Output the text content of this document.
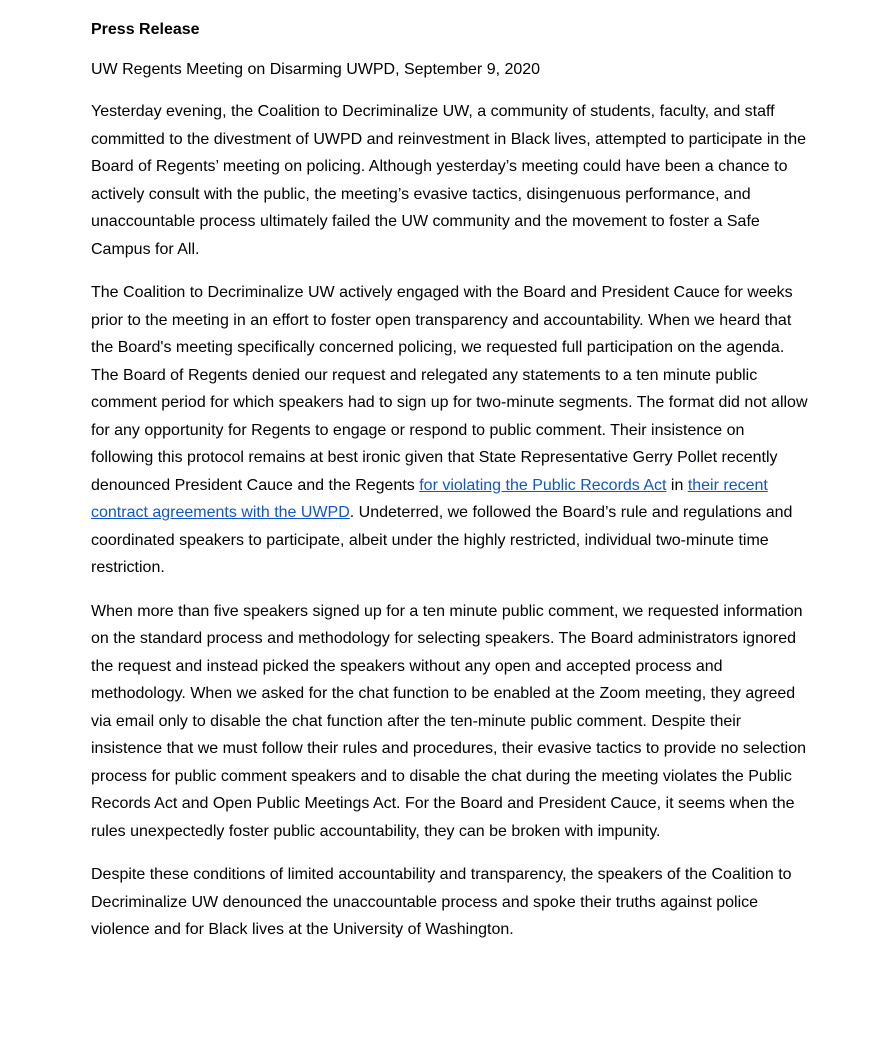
Press Release
UW Regents Meeting on Disarming UWPD, September 9, 2020

Yesterday evening, the Coalition to Decriminalize UW, a community of students, faculty, and staff committed to the divestment of UWPD and reinvestment in Black lives, attempted to participate in the Board of Regents’ meeting on policing. Although yesterday’s meeting could have been a chance to actively consult with the public, the meeting’s evasive tactics, disingenuous performance, and unaccountable process ultimately failed the UW community and the movement to foster a Safe Campus for All.

The Coalition to Decriminalize UW actively engaged with the Board and President Cauce for weeks prior to the meeting in an effort to foster open transparency and accountability. When we heard that the Board's meeting specifically concerned policing, we requested full participation on the agenda. The Board of Regents denied our request and relegated any statements to a ten minute public comment period for which speakers had to sign up for two-minute segments. The format did not allow for any opportunity for Regents to engage or respond to public comment. Their insistence on following this protocol remains at best ironic given that State Representative Gerry Pollet recently denounced President Cauce and the Regents for violating the Public Records Act in their recent contract agreements with the UWPD. Undeterred, we followed the Board’s rule and regulations and coordinated speakers to participate, albeit under the highly restricted, individual two-minute time restriction.

When more than five speakers signed up for a ten minute public comment, we requested information on the standard process and methodology for selecting speakers. The Board administrators ignored the request and instead picked the speakers without any open and accepted process and methodology. When we asked for the chat function to be enabled at the Zoom meeting, they agreed via email only to disable the chat function after the ten-minute public comment. Despite their insistence that we must follow their rules and procedures, their evasive tactics to provide no selection process for public comment speakers and to disable the chat during the meeting violates the Public Records Act and Open Public Meetings Act. For the Board and President Cauce, it seems when the rules unexpectedly foster public accountability, they can be broken with impunity.

Despite these conditions of limited accountability and transparency, the speakers of the Coalition to Decriminalize UW denounced the unaccountable process and spoke their truths against police violence and for Black lives at the University of Washington.
